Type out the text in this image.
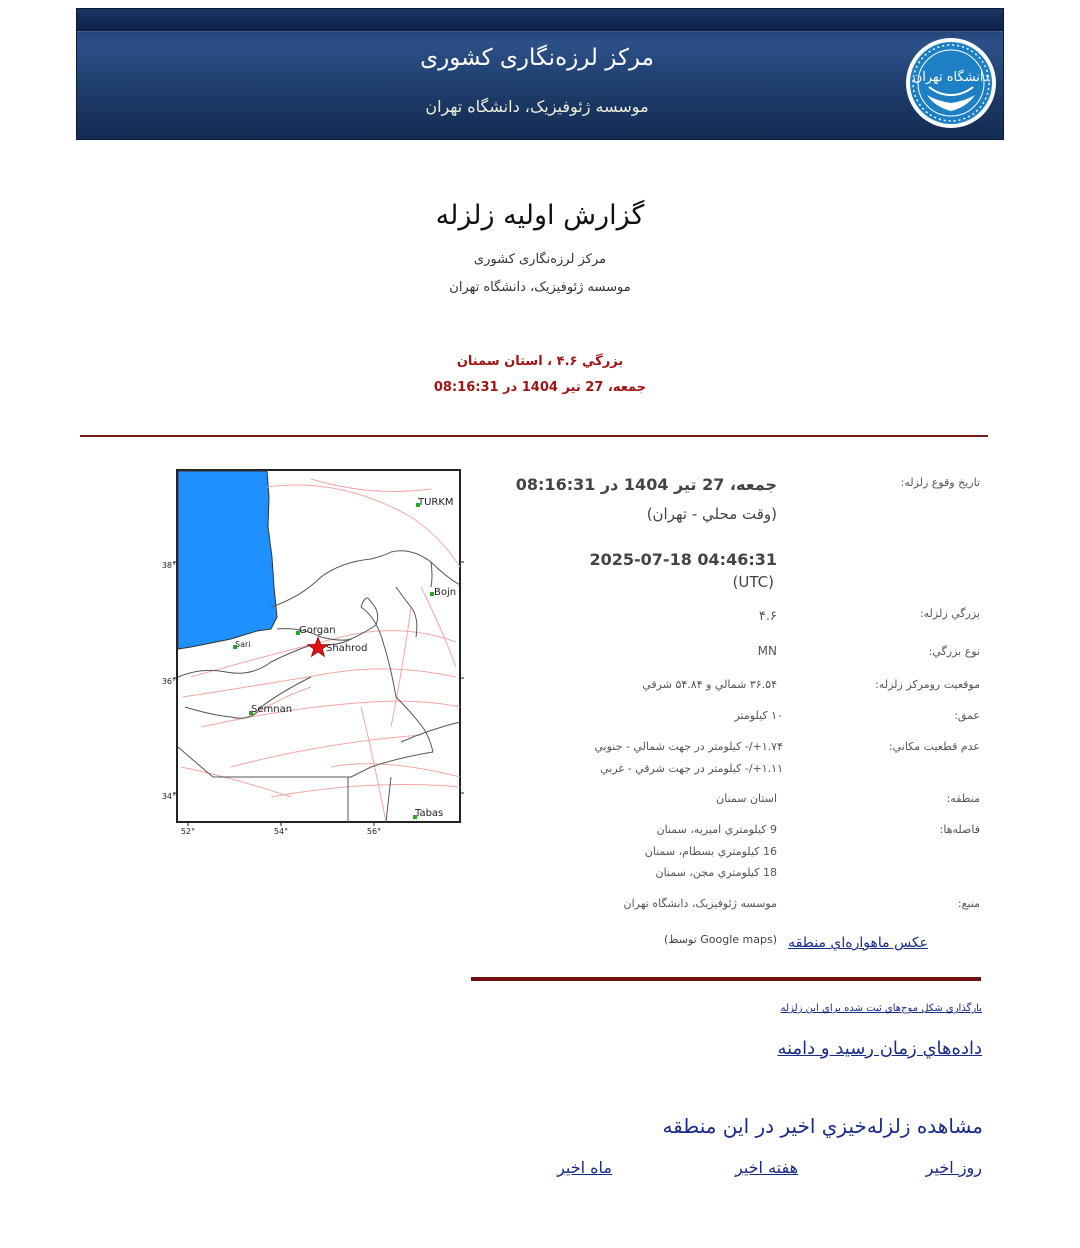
مرکز لرزه‌نگاری کشوری
موسسه ژئوفیزیک، دانشگاه تهران
دانشگاه تهران
گزارش اولیه زلزله
مرکز لرزه‌نگاری کشوری
موسسه ژئوفیزیک، دانشگاه تهران
بزرگي ۴.۶ ، استان سمنان
جمعه، 27 تير 1404 در 08:16:31
38°
36°
34°
52°	54°	56°
TURKM
Bojn
Gorgan
Shahrod
Sari
Semnan
Tabas
تاريخ وقوع زلزله:
جمعه، 27 تير 1404 در 08:16:31
(وقت محلي - تهران)
2025-07-18 04:46:31
(UTC)
بزرگي زلزله:
۴.۶
نوع بزرگي:
MN
موقعيت رومركز زلزله:
۳۶.۵۴ شمالي و ۵۴.۸۴ شرقي
عمق:
۱۰ كيلومتر
عدم قطعيت مكاني:
۱.۷۴+/- كيلومتر در جهت شمالي - جنوبي
۱.۱۱+/- كيلومتر در جهت شرقي - غربي
منطقه:
استان سمنان
فاصله‌ها:
9 كيلومتري اميريه، سمنان
16 كيلومتري بسطام، سمنان
18 كيلومتري مجن، سمنان
منبع:
موسسه ژئوفيزيک، دانشگاه تهران
عكس ماهواره‌اي منطقه
(توسط Google maps)
بارگذاري شكل موج‌هاي ثبت شده براي اين زلزله
داده‌هاي زمان رسيد و دامنه
مشاهده زلزله‌خيزي اخير در اين منطقه
روز اخير
هفته اخير
ماه اخير
